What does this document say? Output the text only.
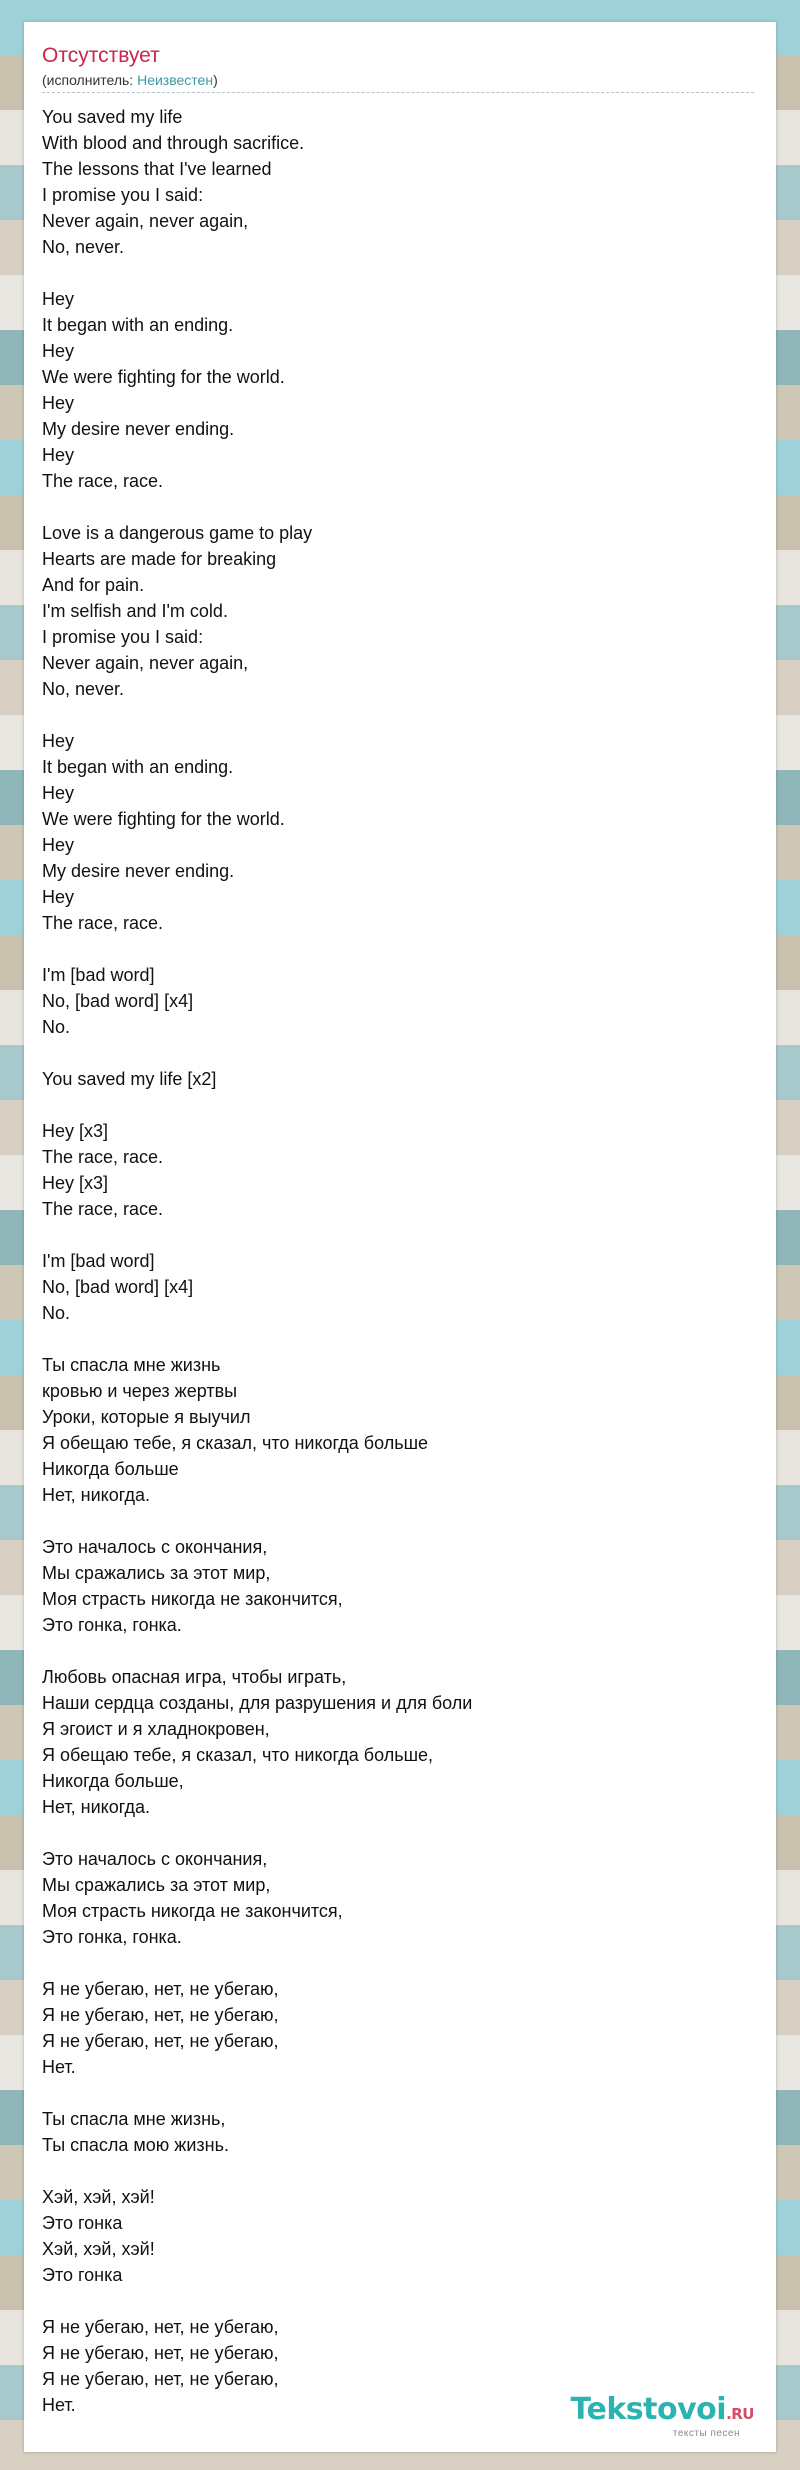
Отсутствует
(исполнитель: Неизвестен)
You saved my life
With blood and through sacrifice.
The lessons that I've learned
I promise you I said:
Never again, never again,
No, never.
Hey
It began with an ending.
Hey
We were fighting for the world.
Hey
My desire never ending.
Hey
The race, race.
Love is a dangerous game to play
Hearts are made for breaking
And for pain.
I'm selfish and I'm cold.
I promise you I said:
Never again, never again,
No, never.
Hey
It began with an ending.
Hey
We were fighting for the world.
Hey
My desire never ending.
Hey
The race, race.
I'm [bad word]
No, [bad word] [x4]
No.
You saved my life [x2]
Hey [x3]
The race, race.
Hey [x3]
The race, race.
I'm [bad word]
No, [bad word] [x4]
No.
Ты спасла мне жизнь
кровью и через жертвы
Уроки, которые я выучил
Я обещаю тебе, я сказал, что никогда больше
Никогда больше
Нет, никогда.
Это началось с окончания,
Мы сражались за этот мир,
Моя страсть никогда не закончится,
Это гонка, гонка.
Любовь опасная игра, чтобы играть,
Наши сердца созданы, для разрушения и для боли
Я эгоист и я хладнокровен,
Я обещаю тебе, я сказал, что никогда больше,
Никогда больше,
Нет, никогда.
Это началось с окончания,
Мы сражались за этот мир,
Моя страсть никогда не закончится,
Это гонка, гонка.
Я не убегаю, нет, не убегаю,
Я не убегаю, нет, не убегаю,
Я не убегаю, нет, не убегаю,
Нет.
Ты спасла мне жизнь,
Ты спасла мою жизнь.
Хэй, хэй, хэй!
Это гонка
Хэй, хэй, хэй!
Это гонка
Я не убегаю, нет, не убегаю,
Я не убегаю, нет, не убегаю,
Я не убегаю, нет, не убегаю,
Нет.	Tekstovoi.RU
тексты песен
